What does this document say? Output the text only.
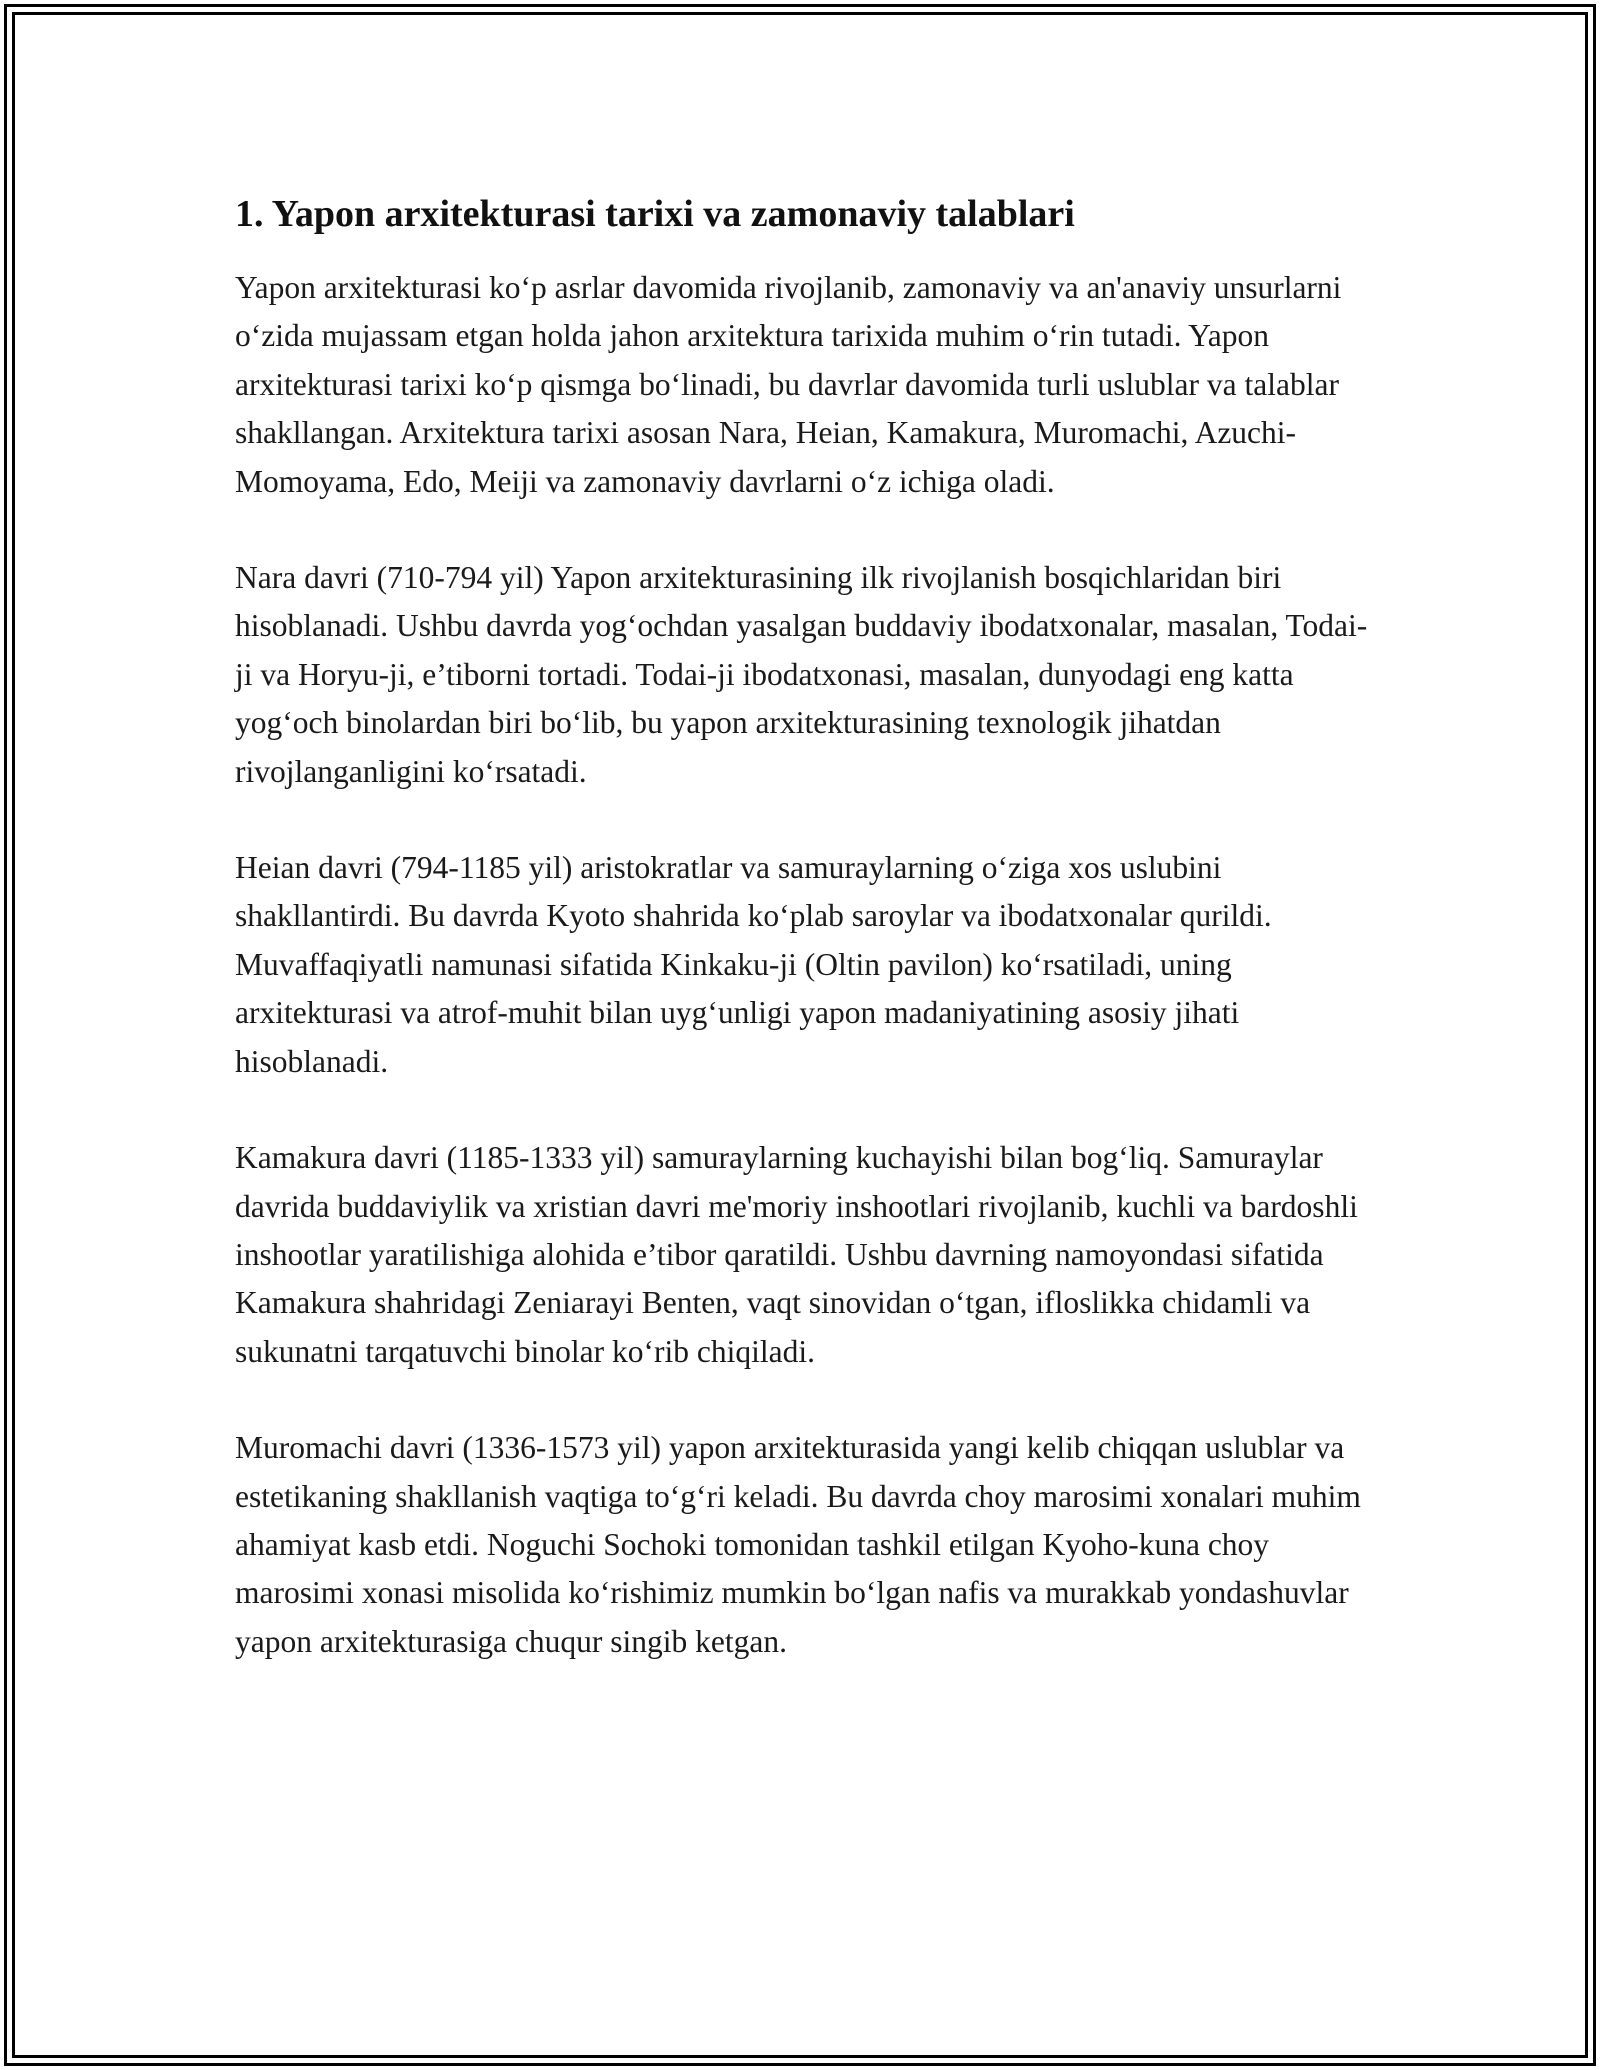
1. Yapon arxitekturasi tarixi va zamonaviy talablari

Yapon arxitekturasi ko‘p asrlar davomida rivojlanib, zamonaviy va an'anaviy unsurlarni o‘zida mujassam etgan holda jahon arxitektura tarixida muhim o‘rin tutadi. Yapon arxitekturasi tarixi ko‘p qismga bo‘linadi, bu davrlar davomida turli uslublar va talablar shakllangan. Arxitektura tarixi asosan Nara, Heian, Kamakura, Muromachi, Azuchi-Momoyama, Edo, Meiji va zamonaviy davrlarni o‘z ichiga oladi.

Nara davri (710-794 yil) Yapon arxitekturasining ilk rivojlanish bosqichlaridan biri hisoblanadi. Ushbu davrda yog‘ochdan yasalgan buddaviy ibodatxonalar, masalan, Todai-ji va Horyu-ji, e’tiborni tortadi. Todai-ji ibodatxonasi, masalan, dunyodagi eng katta yog‘och binolardan biri bo‘lib, bu yapon arxitekturasining texnologik jihatdan rivojlanganligini ko‘rsatadi.

Heian davri (794-1185 yil) aristokratlar va samuraylarning o‘ziga xos uslubini shakllantirdi. Bu davrda Kyoto shahrida ko‘plab saroylar va ibodatxonalar qurildi. Muvaffaqiyatli namunasi sifatida Kinkaku-ji (Oltin pavilon) ko‘rsatiladi, uning arxitekturasi va atrof-muhit bilan uyg‘unligi yapon madaniyatining asosiy jihati hisoblanadi.

Kamakura davri (1185-1333 yil) samuraylarning kuchayishi bilan bog‘liq. Samuraylar davrida buddaviylik va xristian davri me'moriy inshootlari rivojlanib, kuchli va bardoshli inshootlar yaratilishiga alohida e’tibor qaratildi. Ushbu davrning namoyondasi sifatida Kamakura shahridagi Zeniarayi Benten, vaqt sinovidan o‘tgan, ifloslikka chidamli va sukunatni tarqatuvchi binolar ko‘rib chiqiladi.

Muromachi davri (1336-1573 yil) yapon arxitekturasida yangi kelib chiqqan uslublar va estetikaning shakllanish vaqtiga to‘g‘ri keladi. Bu davrda choy marosimi xonalari muhim ahamiyat kasb etdi. Noguchi Sochoki tomonidan tashkil etilgan Kyoho-kuna choy marosimi xonasi misolida ko‘rishimiz mumkin bo‘lgan nafis va murakkab yondashuvlar yapon arxitekturasiga chuqur singib ketgan.
